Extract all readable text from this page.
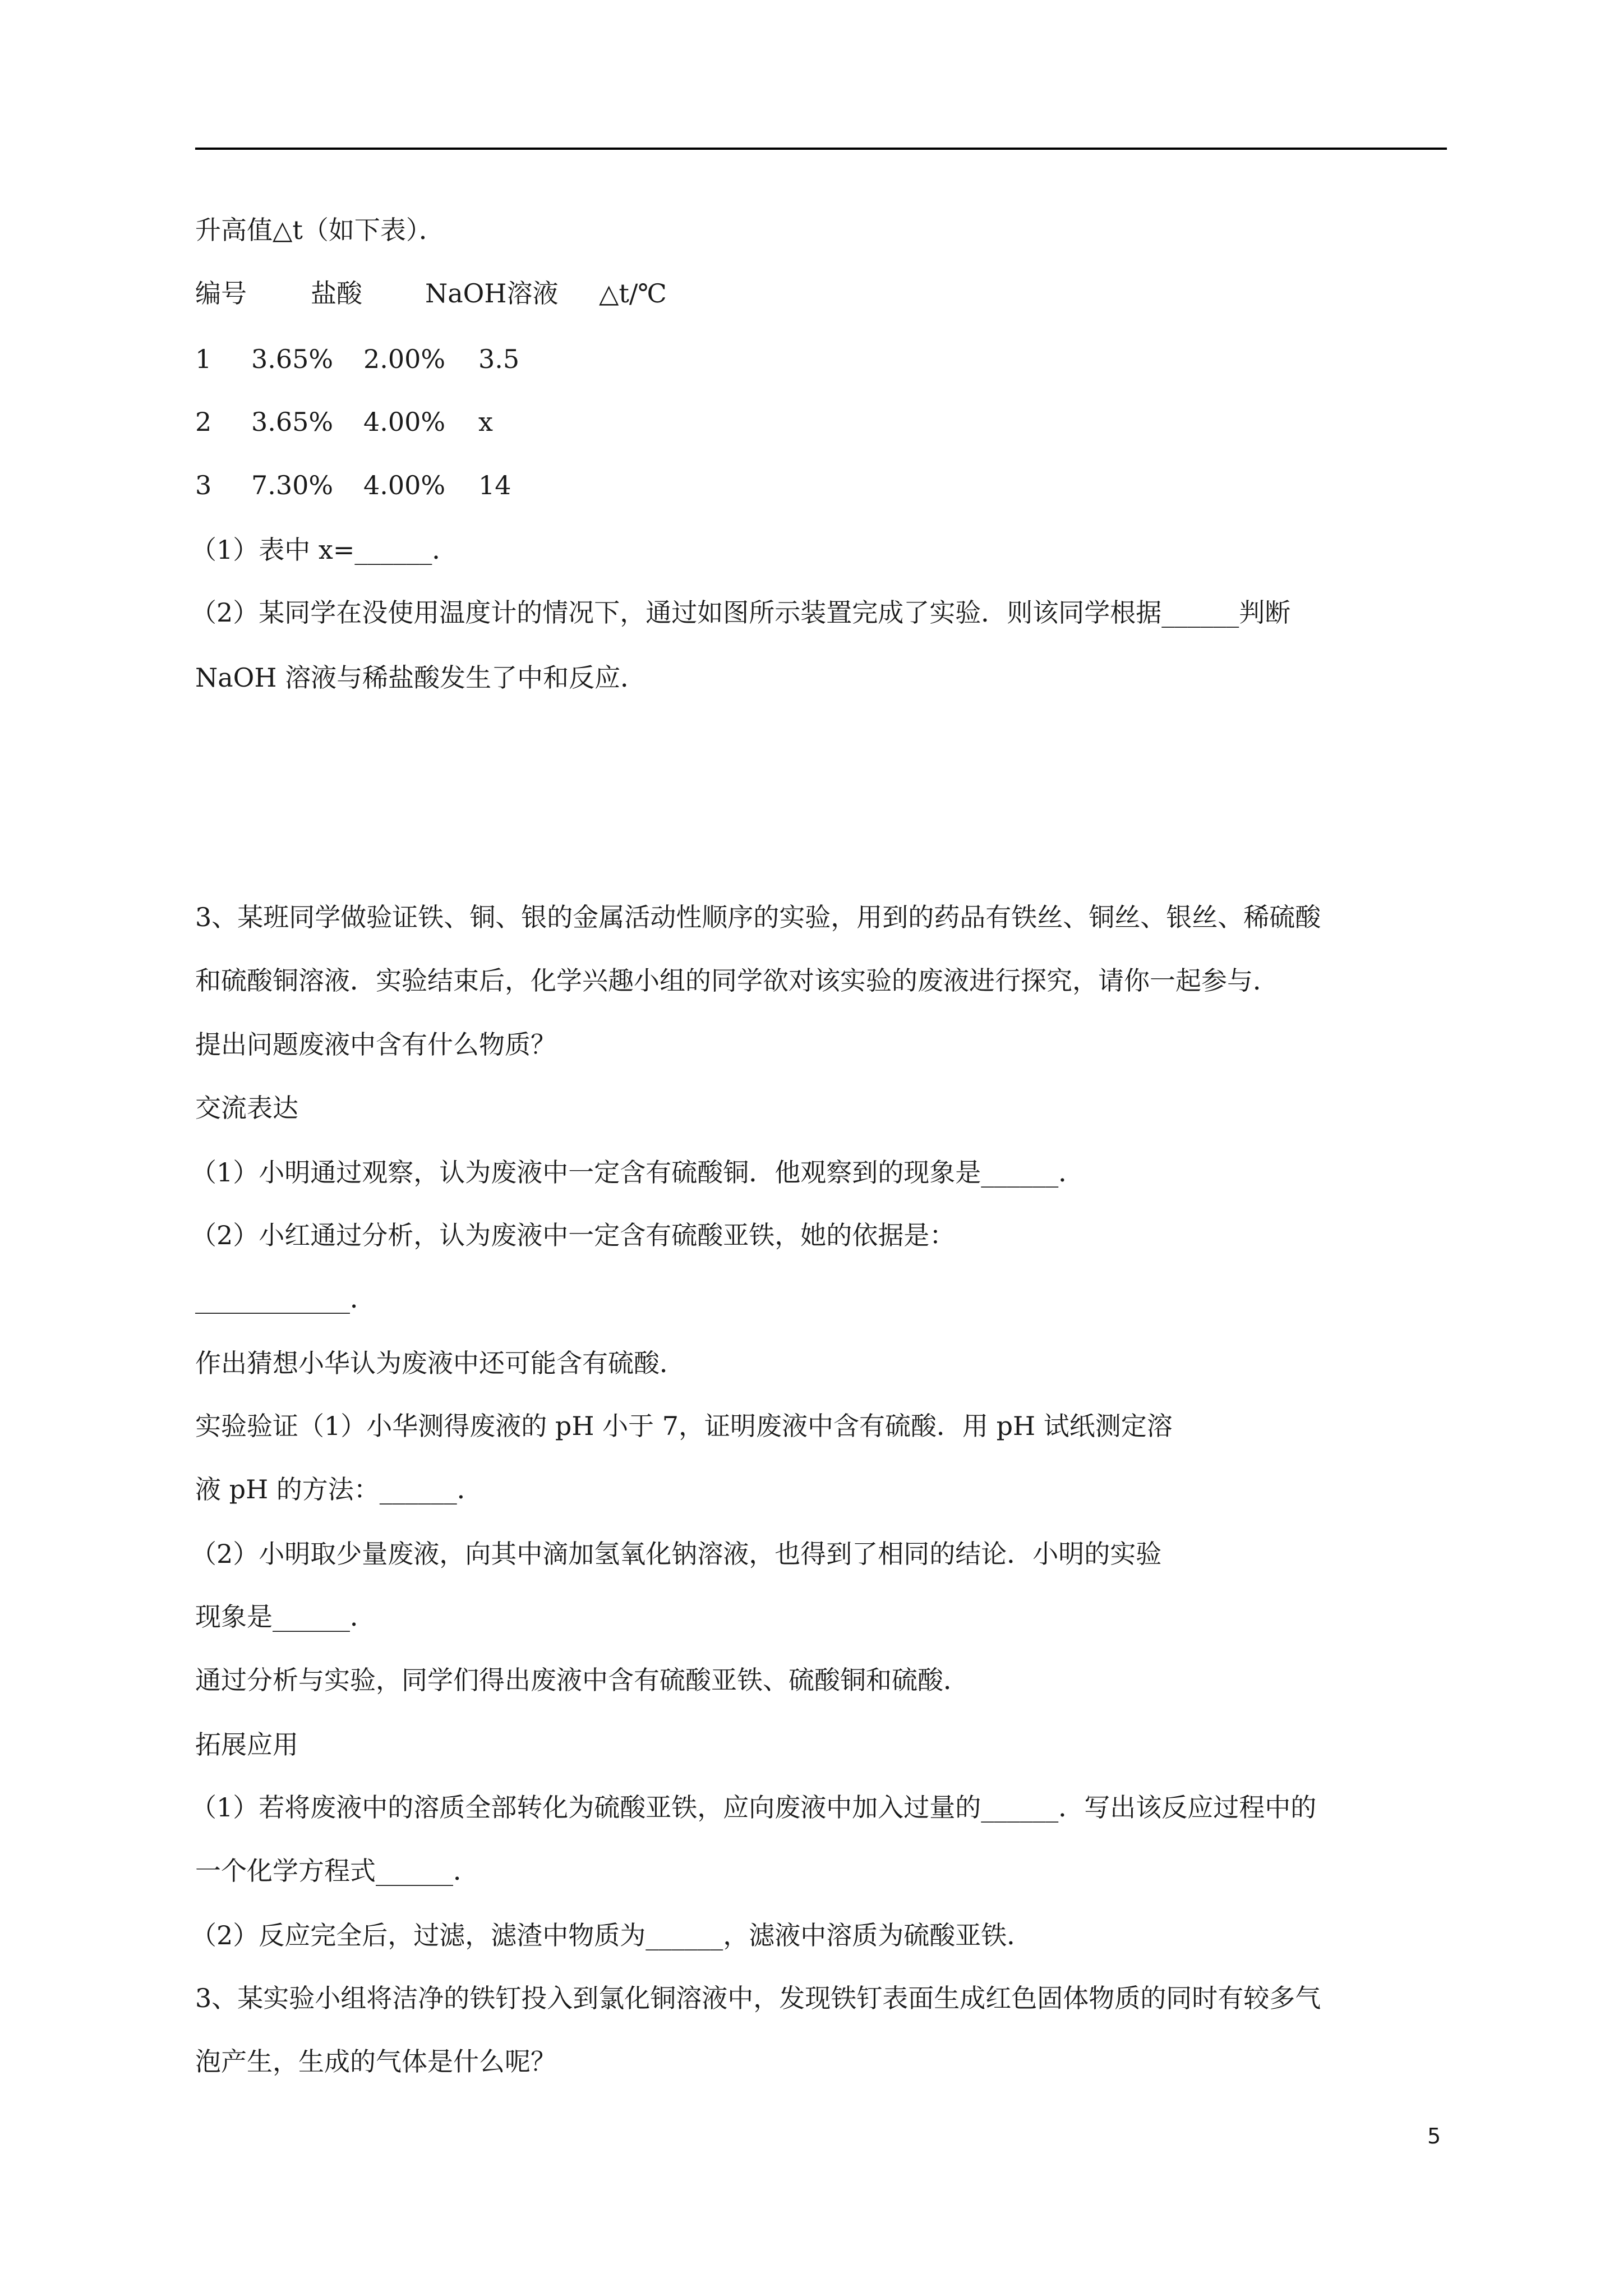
升高值△t（如下表）．
编号	盐酸	NaOH溶液	△t/℃
1	3.65%	2.00%	3.5
2	3.65%	4.00%	x
3	7.30%	4.00%	14
（1）表中 x=______．
（2）某同学在没使用温度计的情况下，通过如图所示装置完成了实验．则该同学根据______判断
NaOH 溶液与稀盐酸发生了中和反应．
3、某班同学做验证铁、铜、银的金属活动性顺序的实验，用到的药品有铁丝、铜丝、银丝、稀硫酸
和硫酸铜溶液．实验结束后，化学兴趣小组的同学欲对该实验的废液进行探究，请你一起参与．
提出问题废液中含有什么物质？
交流表达
（1）小明通过观察，认为废液中一定含有硫酸铜．他观察到的现象是______．
（2）小红通过分析，认为废液中一定含有硫酸亚铁，她的依据是：
____________．
作出猜想小华认为废液中还可能含有硫酸．
实验验证（1）小华测得废液的 pH 小于 7，证明废液中含有硫酸．用 pH 试纸测定溶
液 pH 的方法：______．
（2）小明取少量废液，向其中滴加氢氧化钠溶液，也得到了相同的结论．小明的实验
现象是______．
通过分析与实验，同学们得出废液中含有硫酸亚铁、硫酸铜和硫酸．
拓展应用
（1）若将废液中的溶质全部转化为硫酸亚铁，应向废液中加入过量的______．写出该反应过程中的
一个化学方程式______．
（2）反应完全后，过滤，滤渣中物质为______，滤液中溶质为硫酸亚铁．
3、某实验小组将洁净的铁钉投入到氯化铜溶液中，发现铁钉表面生成红色固体物质的同时有较多气
泡产生，生成的气体是什么呢？
5
